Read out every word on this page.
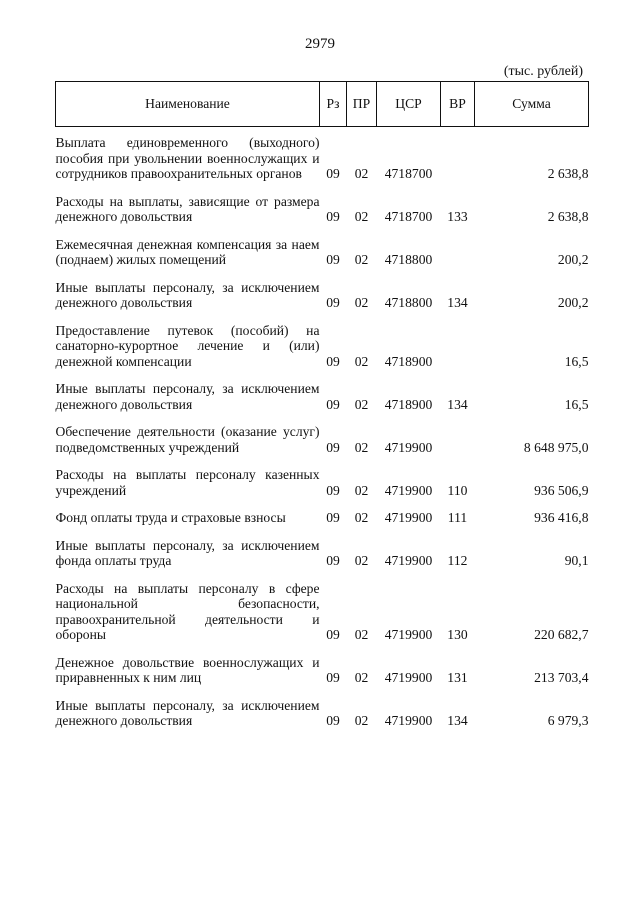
2979
(тыс. рублей)
Наименование	Рз	ПР	ЦСР	ВР	Сумма

Выплата единовременного (выходного) пособия при увольнении военнослужащих и сотрудников правоохранительных органов	09	02	4718700		2 638,8

Расходы на выплаты, зависящие от размера денежного довольствия	09	02	4718700	133	2 638,8

Ежемесячная денежная компенсация за наем (поднаем) жилых помещений	09	02	4718800		200,2

Иные выплаты персоналу, за исключением денежного довольствия	09	02	4718800	134	200,2

Предоставление путевок (пособий) на санаторно-курортное лечение и (или) денежной компенсации	09	02	4718900		16,5

Иные выплаты персоналу, за исключением денежного довольствия	09	02	4718900	134	16,5

Обеспечение деятельности (оказание услуг) подведомственных учреждений	09	02	4719900		8 648 975,0

Расходы на выплаты персоналу казенных учреждений	09	02	4719900	110	936 506,9

Фонд оплаты труда и страховые взносы	09	02	4719900	111	936 416,8

Иные выплаты персоналу, за исключением фонда оплаты труда	09	02	4719900	112	90,1

Расходы на выплаты персоналу в сфере национальной безопасности, правоохранительной деятельности и обороны	09	02	4719900	130	220 682,7

Денежное довольствие военнослужащих и приравненных к ним лиц	09	02	4719900	131	213 703,4

Иные выплаты персоналу, за исключением денежного довольствия	09	02	4719900	134	6 979,3
